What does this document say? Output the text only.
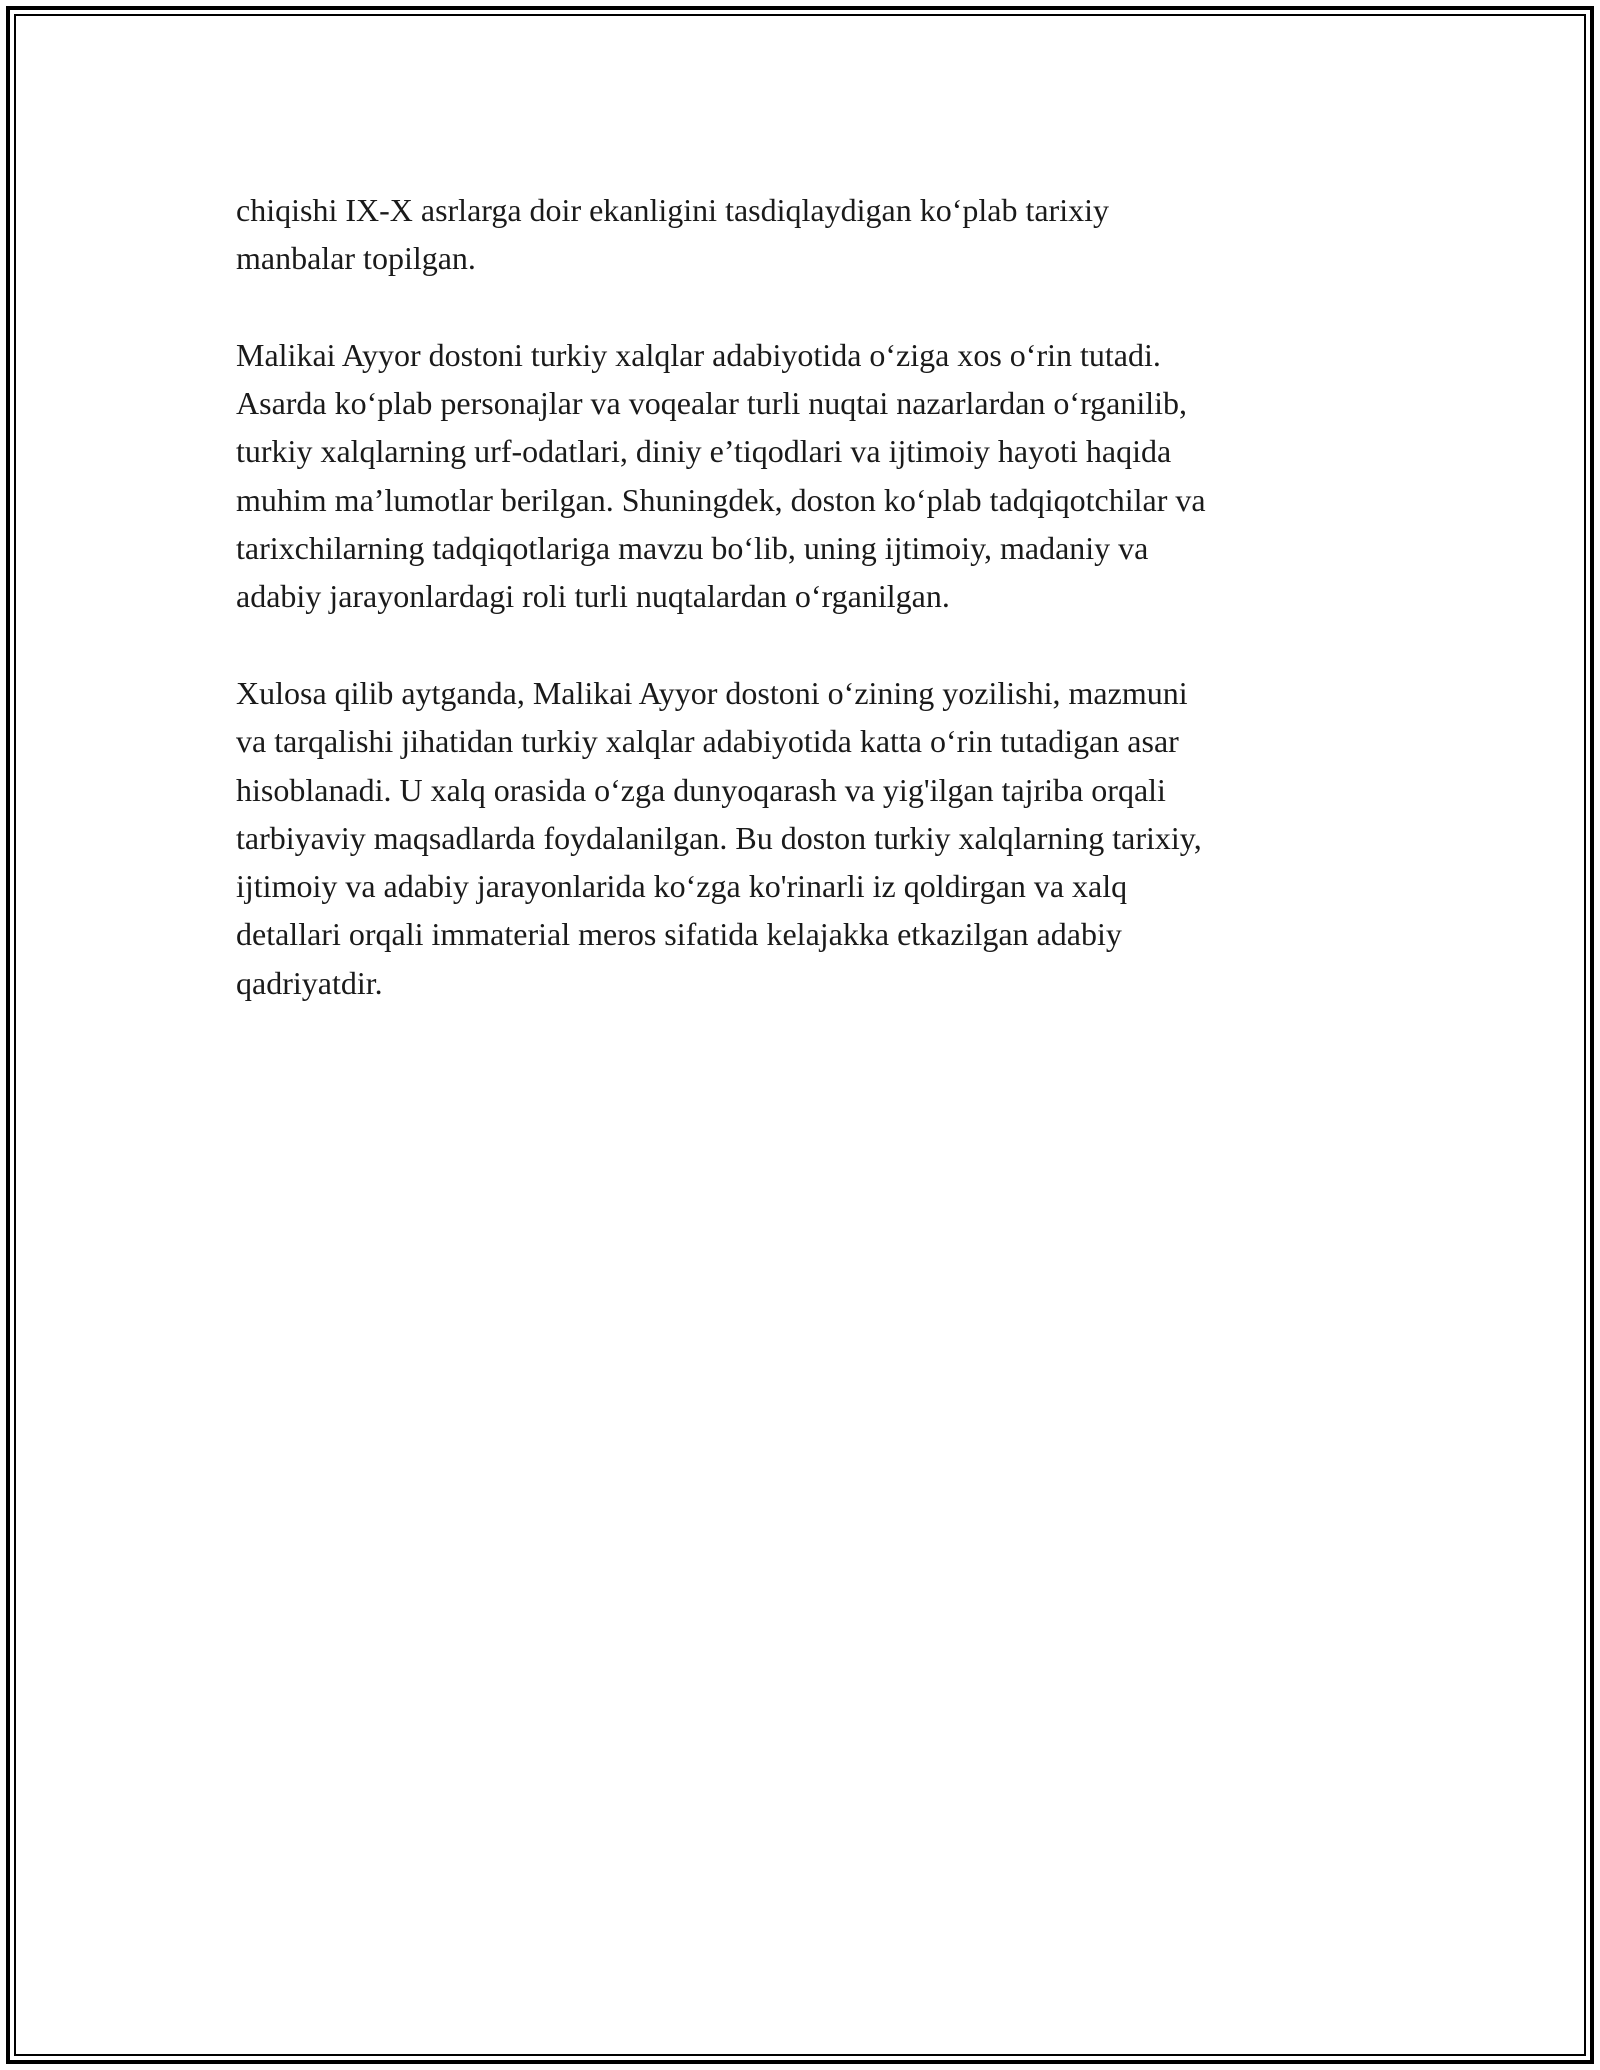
chiqishi IX-X asrlarga doir ekanligini tasdiqlaydigan ko‘plab tarixiy
manbalar topilgan.

Malikai Ayyor dostoni turkiy xalqlar adabiyotida o‘ziga xos o‘rin tutadi.
Asarda ko‘plab personajlar va voqealar turli nuqtai nazarlardan o‘rganilib,
turkiy xalqlarning urf-odatlari, diniy e’tiqodlari va ijtimoiy hayoti haqida
muhim ma’lumotlar berilgan. Shuningdek, doston ko‘plab tadqiqotchilar va
tarixchilarning tadqiqotlariga mavzu bo‘lib, uning ijtimoiy, madaniy va
adabiy jarayonlardagi roli turli nuqtalardan o‘rganilgan.

Xulosa qilib aytganda, Malikai Ayyor dostoni o‘zining yozilishi, mazmuni
va tarqalishi jihatidan turkiy xalqlar adabiyotida katta o‘rin tutadigan asar
hisoblanadi. U xalq orasida o‘zga dunyoqarash va yig'ilgan tajriba orqali
tarbiyaviy maqsadlarda foydalanilgan. Bu doston turkiy xalqlarning tarixiy,
ijtimoiy va adabiy jarayonlarida ko‘zga ko'rinarli iz qoldirgan va xalq
detallari orqali immaterial meros sifatida kelajakka etkazilgan adabiy
qadriyatdir.
